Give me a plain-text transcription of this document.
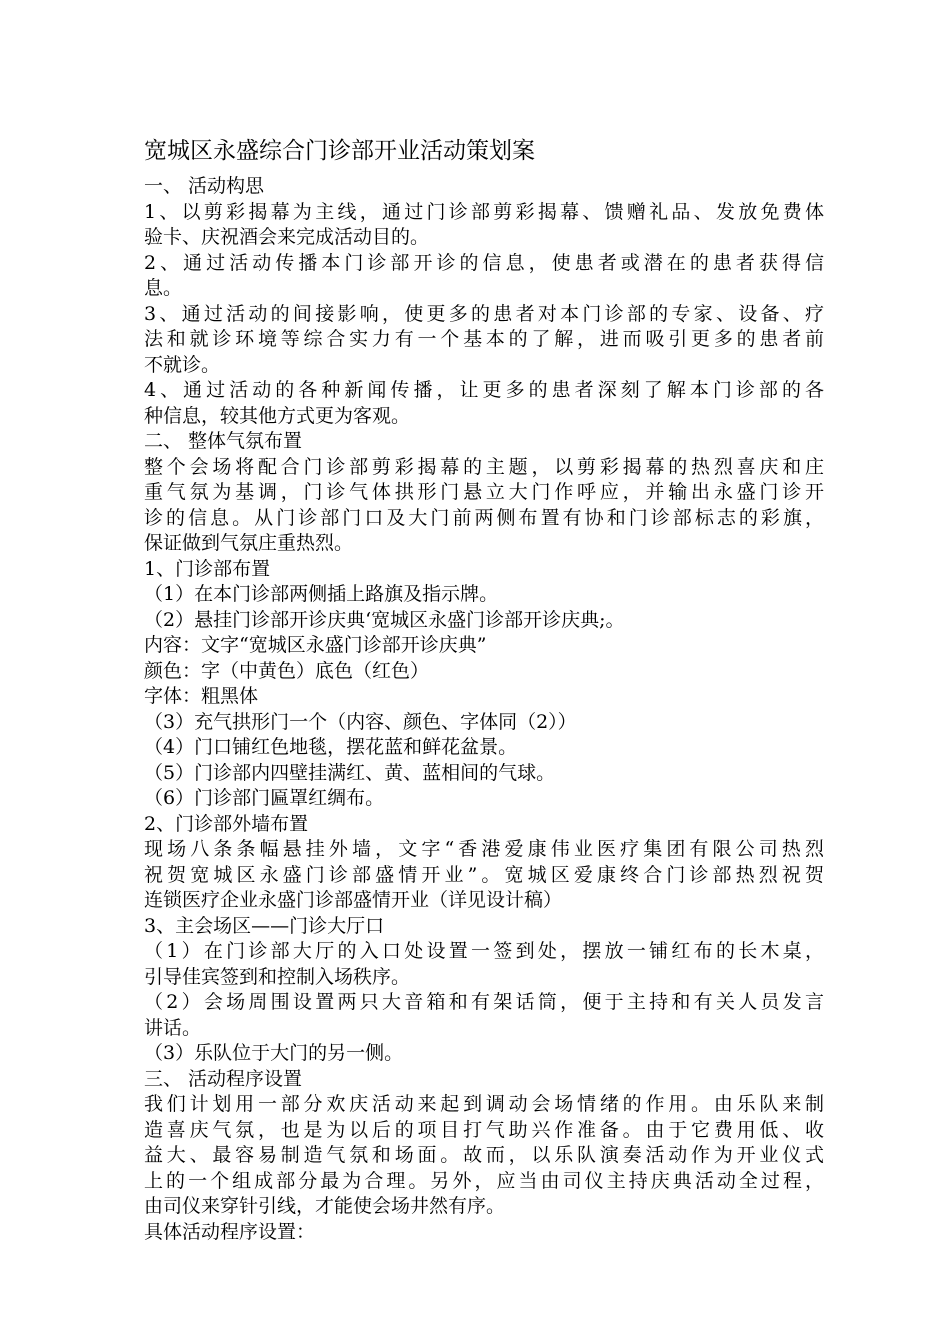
宽城区永盛综合门诊部开业活动策划案
一、 活动构思
1、以剪彩揭幕为主线，通过门诊部剪彩揭幕、馈赠礼品、发放免费体
验卡、庆祝酒会来完成活动目的。
2、通过活动传播本门诊部开诊的信息，使患者或潜在的患者获得信
息。
3、通过活动的间接影响，使更多的患者对本门诊部的专家、设备、疗
法和就诊环境等综合实力有一个基本的了解，进而吸引更多的患者前
不就诊。
4、通过活动的各种新闻传播，让更多的患者深刻了解本门诊部的各
种信息，较其他方式更为客观。
二、 整体气氛布置
整个会场将配合门诊部剪彩揭幕的主题，以剪彩揭幕的热烈喜庆和庄
重气氛为基调，门诊气体拱形门悬立大门作呼应，并输出永盛门诊开
诊的信息。从门诊部门口及大门前两侧布置有协和门诊部标志的彩旗，
保证做到气氛庄重热烈。
1、门诊部布置
（1）在本门诊部两侧插上路旗及指示牌。
（2）悬挂门诊部开诊庆典‘宽城区永盛门诊部开诊庆典;。
内容：文字“宽城区永盛门诊部开诊庆典”
颜色：字（中黄色）底色（红色）
字体：粗黑体
（3）充气拱形门一个（内容、颜色、字体同（2））
（4）门口铺红色地毯，摆花蓝和鲜花盆景。
（5）门诊部内四壁挂满红、黄、蓝相间的气球。
（6）门诊部门匾罩红绸布。
2、门诊部外墙布置
现场八条条幅悬挂外墙，文字“香港爱康伟业医疗集团有限公司热烈
祝贺宽城区永盛门诊部盛情开业”。宽城区爱康终合门诊部热烈祝贺
连锁医疗企业永盛门诊部盛情开业（详见设计稿）
3、主会场区——门诊大厅口
（1）在门诊部大厅的入口处设置一签到处，摆放一铺红布的长木桌，
引导佳宾签到和控制入场秩序。
（2）会场周围设置两只大音箱和有架话筒，便于主持和有关人员发言
讲话。
（3）乐队位于大门的另一侧。
三、 活动程序设置
我们计划用一部分欢庆活动来起到调动会场情绪的作用。由乐队来制
造喜庆气氛，也是为以后的项目打气助兴作准备。由于它费用低、收
益大、最容易制造气氛和场面。故而，以乐队演奏活动作为开业仪式
上的一个组成部分最为合理。另外，应当由司仪主持庆典活动全过程，
由司仪来穿针引线，才能使会场井然有序。
具体活动程序设置：
